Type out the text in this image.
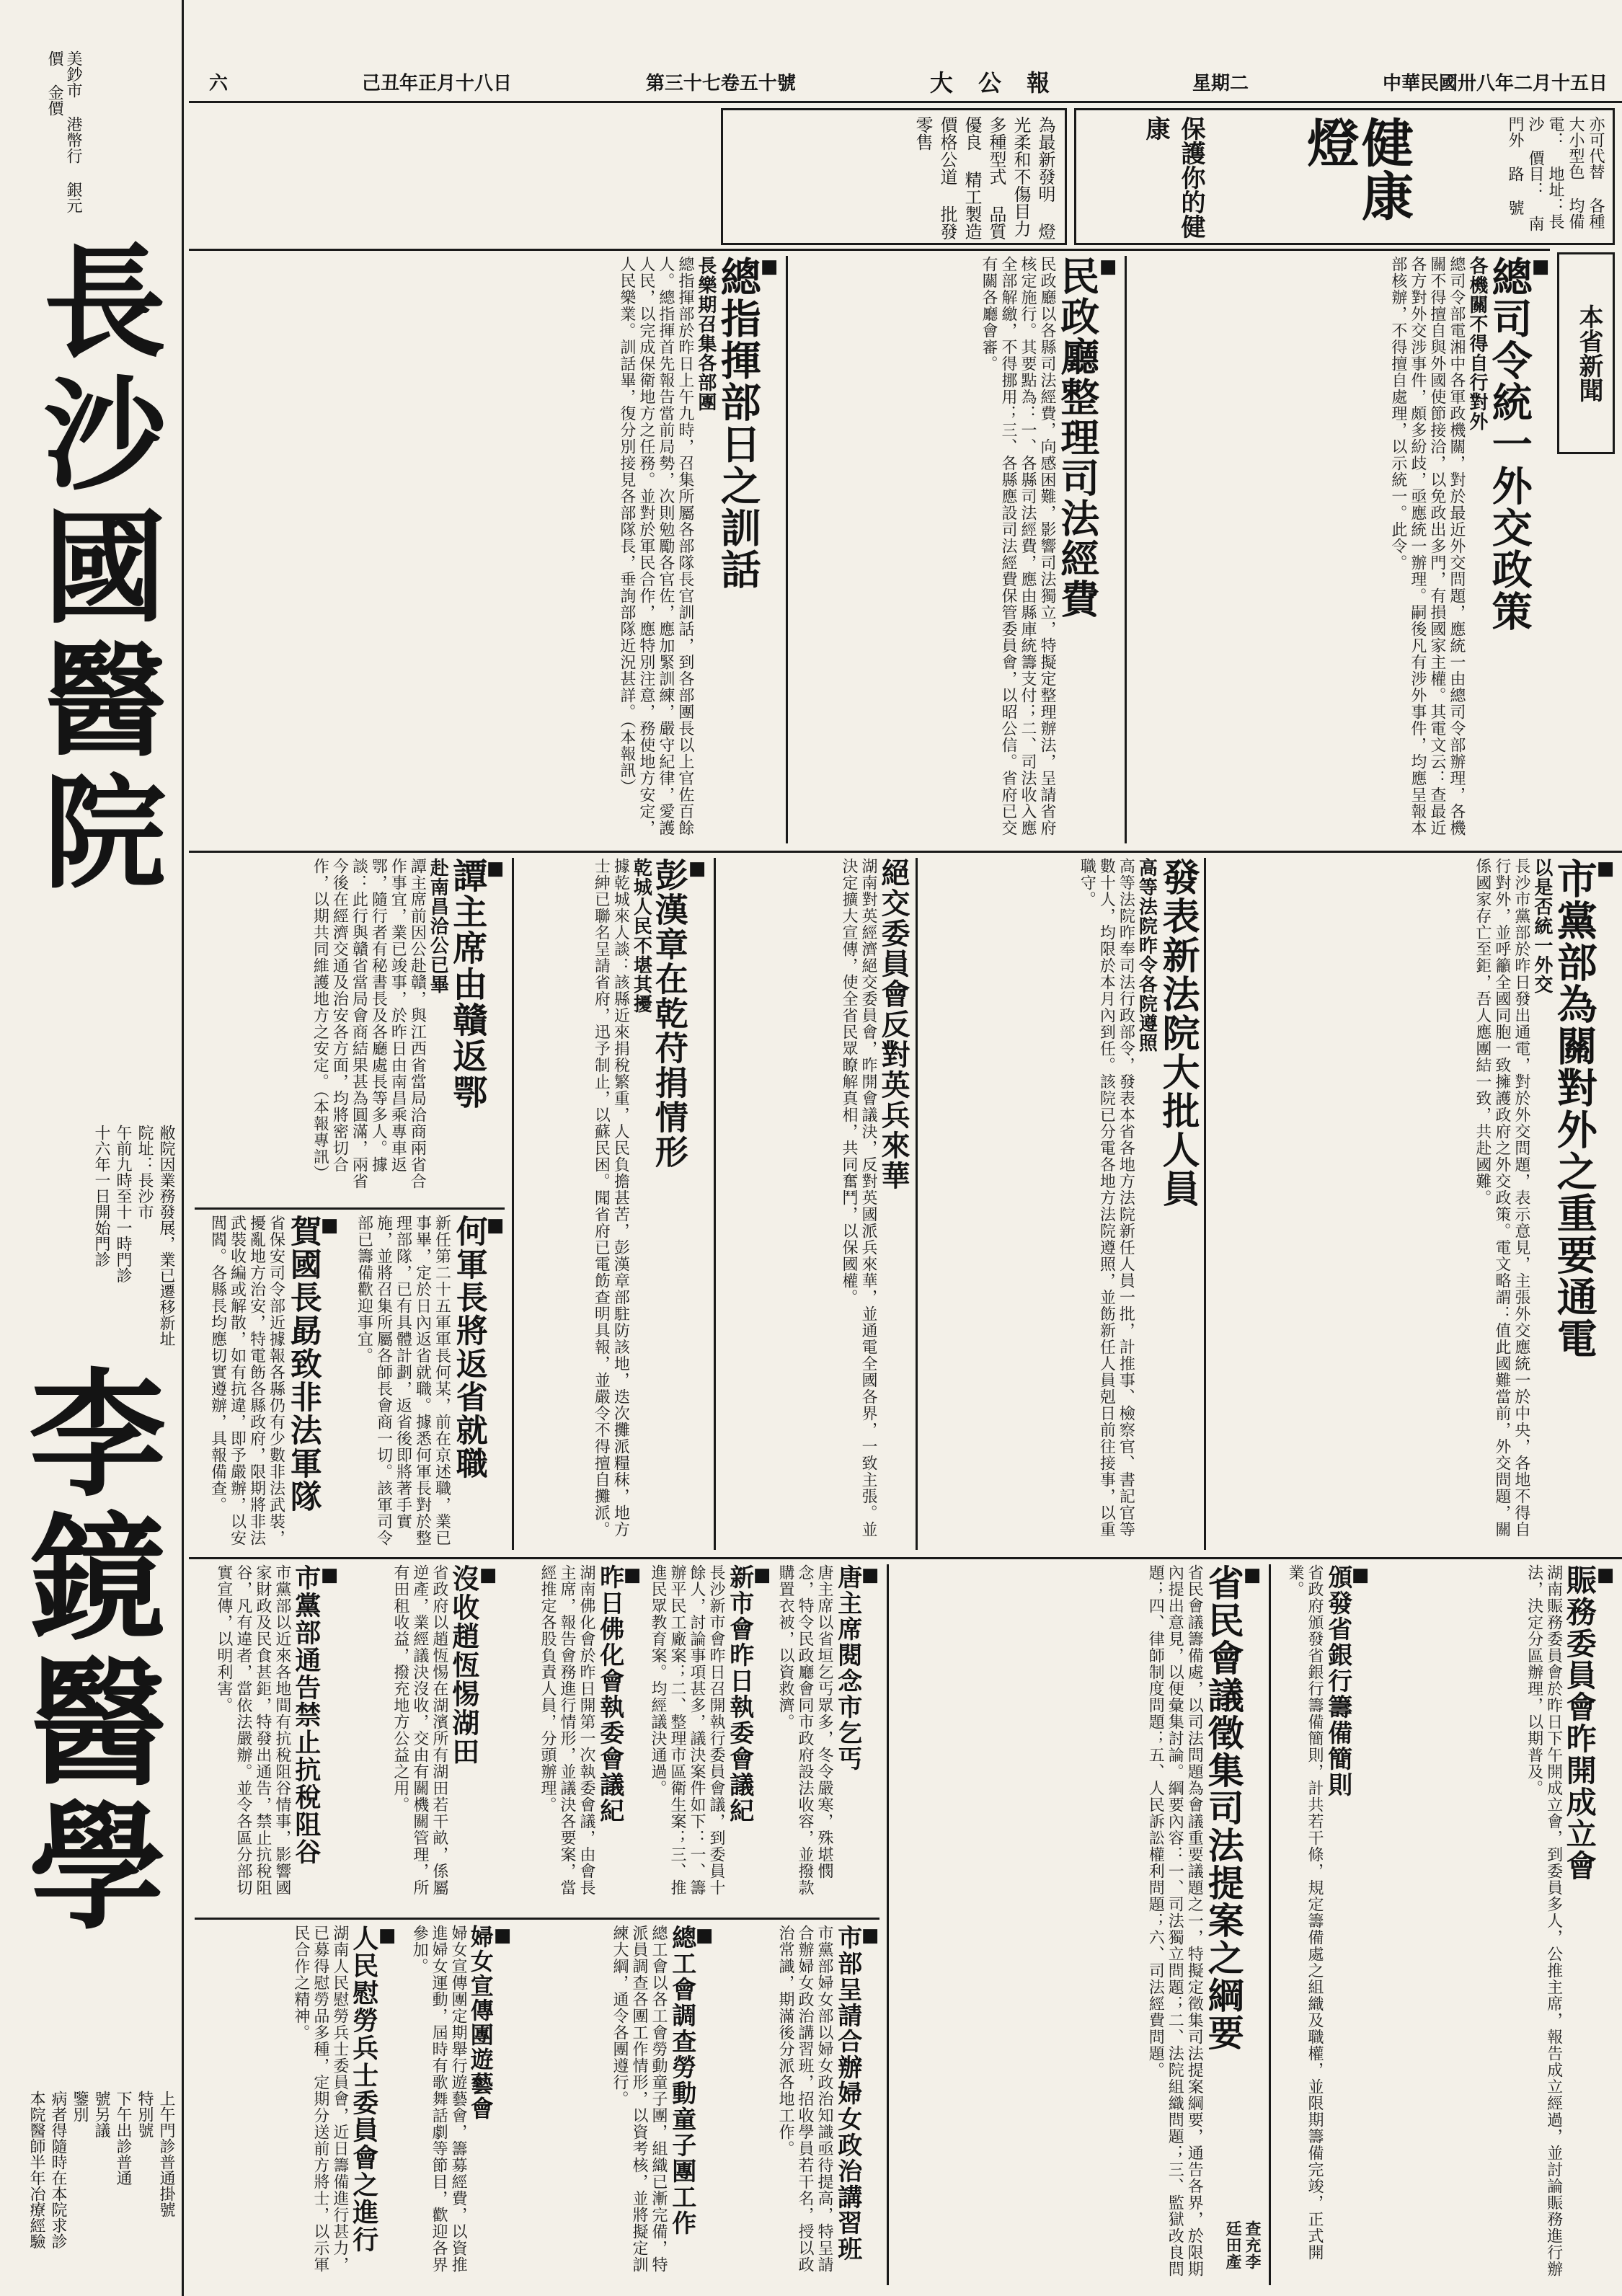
美鈔市 港幣行 銀元價 金價
長沙國醫院
敝院因業務發展，業已遷移新址
院址：長沙市
午前九時至十一時門診
十六年一日開始門診
李鏡醫學
上午門診普通掛號
特別號
下午出診普通
號另議
鑒別
病者得隨時在本院求診
本院醫師半年冶療經驗
六	己丑年正月十八日	第三十七卷五十號	大 公 報	星期二	中華民國卅八年二月十五日
健康燈
保護你的健康	亦可代替 各種大小型色 均備 電： 地址：長沙 價目： 南門外 路 號
為最新發明 燈光柔和不傷目力 多種型式 品質優良 精工製造 價格公道 批發零售
本省新聞
■ 總司令統一外交政策
各機關不得自行對外
總司令部電湘中各軍政機關，對於最近外交問題，應統一由總司令部辦理，各機關不得擅自與外國使節接洽，以免政出多門，有損國家主權。其電文云：查最近各方對外交涉事件，頗多紛歧，亟應統一辦理。嗣後凡有涉外事件，均應呈報本部核辦，不得擅自處理，以示統一。此令。
■ 民政廳整理司法經費
民政廳以各縣司法經費，向感困難，影響司法獨立，特擬定整理辦法，呈請省府核定施行。其要點為：一、各縣司法經費，應由縣庫統籌支付；二、司法收入應全部解繳，不得挪用；三、各縣應設司法經費保管委員會，以昭公信。省府已交有關各廳會審。
■ 總指揮部日之訓話
長樂期召集各部團
總指揮部於昨日上午九時，召集所屬各部隊長官訓話，到各部團長以上官佐百餘人。總指揮首先報告當前局勢，次則勉勵各官佐，應加緊訓練，嚴守紀律，愛護人民，以完成保衛地方之任務。並對於軍民合作，應特別注意，務使地方安定，人民樂業。訓話畢，復分別接見各部隊長，垂詢部隊近況甚詳。（本報訊）
■ 市黨部為關對外之重要通電
以是否統一外交
長沙市黨部於昨日發出通電，對於外交問題，表示意見，主張外交應統一於中央，各地不得自行對外，並呼籲全國同胞一致擁護政府之外交政策。電文略謂：值此國難當前，外交問題，關係國家存亡至鉅，吾人應團結一致，共赴國難。
發表新法院大批人員
高等法院昨令各院遵照
高等法院昨奉司法行政部令，發表本省各地方法院新任人員一批，計推事、檢察官、書記官等數十人，均限於本月內到任。該院已分電各地方法院遵照，並飭新任人員剋日前往接事，以重職守。
絕交委員會反對英兵來華
湖南對英經濟絕交委員會，昨開會議決，反對英國派兵來華，並通電全國各界，一致主張。並決定擴大宣傳，使全省民眾瞭解真相，共同奮鬥，以保國權。
■ 彭漢章在乾苻捐情形
乾城人民不堪其擾
據乾城來人談：該縣近來捐稅繁重，人民負擔甚苦，彭漢章部駐防該地，迭次攤派糧秣，地方士紳已聯名呈請省府，迅予制止，以蘇民困。聞省府已電飭查明具報，並嚴令不得擅自攤派。
■ 譚主席由贛返鄂
赴南昌洽公已畢
譚主席前因公赴贛，與江西省當局洽商兩省合作事宜，業已竣事，於昨日由南昌乘專車返鄂，隨行者有秘書長及各廳處長等多人。據談：此行與贛省當局會商結果甚為圓滿，兩省今後在經濟交通及治安各方面，均將密切合作，以期共同維護地方之安定。（本報專訊）
■ 何軍長將返省就職
新任第二十五軍軍長何某，前在京述職，業已事畢，定於日內返省就職。據悉何軍長對於整理部隊，已有具體計劃，返省後即將著手實施，並將召集所屬各師長會商一切。該軍司令部已籌備歡迎事宜。
■ 賀國長勗致非法軍隊
省保安司令部近據報各縣仍有少數非法武裝，擾亂地方治安，特電飭各縣政府，限期將非法武裝收編或解散，如有抗違，即予嚴辦，以安閭閻。各縣長均應切實遵辦，具報備查。
■ 賑務委員會昨開成立會
湖南賑務委員會於昨日下午開成立會，到委員多人，公推主席，報告成立經過，並討論賑務進行辦法，決定分區辦理，以期普及。
■ 頒發省銀行籌備簡則
省政府頒發省銀行籌備簡則，計共若干條，規定籌備處之組織及職權，並限期籌備完竣，正式開業。
■ 省民會議徵集司法提案之綱要
省民會議籌備處，以司法問題為會議重要議題之一，特擬定徵集司法提案綱要，通告各界，於限期內提出意見，以便彙集討論。綱要內容：一、司法獨立問題；二、法院組織問題；三、監獄改良問題；四、律師制度問題；五、人民訴訟權利問題；六、司法經費問題。
■ 唐主席閱念市乞丐
唐主席以省垣乞丐眾多，冬令嚴寒，殊堪憫念，特令民政廳會同市政府設法收容，並撥款購置衣被，以資救濟。
■ 新市會昨日執委會議紀
長沙新市會昨日召開執行委員會議，到委員十餘人，討論事項甚多，議決案件如下：一、籌辦平民工廠案；二、整理市區衛生案；三、推進民眾教育案。均經議決通過。
■ 昨日佛化會執委會議紀
湖南佛化會於昨日開第一次執委會議，由會長主席，報告會務進行情形，並議決各要案，當經推定各股負責人員，分頭辦理。
■ 沒收趙恆惕湖田
省政府以趙恆惕在湖濱所有湖田若干畝，係屬逆產，業經議決沒收，交由有關機關管理，所有田租收益，撥充地方公益之用。
■ 市黨部通告禁止抗稅阻谷
市黨部以近來各地間有抗稅阻谷情事，影響國家財政及民食甚鉅，特發出通告，禁止抗稅阻谷，凡有違者，當依法嚴辦。並令各區分部切實宣傳，以明利害。
■ 市部呈請合辦婦女政治講習班
市黨部婦女部以婦女政治知識亟待提高，特呈請合辦婦女政治講習班，招收學員若干名，授以政治常識，期滿後分派各地工作。
■ 總工會調查勞動童子團工作
總工會以各工會勞動童子團，組織已漸完備，特派員調查各團工作情形，以資考核，並將擬定訓練大綱，通令各團遵行。
■ 婦女宣傳團遊藝會
婦女宣傳團定期舉行遊藝會，籌募經費，以資推進婦女運動，屆時有歌舞話劇等節目，歡迎各界參加。
■ 人民慰勞兵士委員會之進行
湖南人民慰勞兵士委員會，近日籌備進行甚力，已募得慰勞品多種，定期分送前方將士，以示軍民合作之精神。
查充李廷田產
